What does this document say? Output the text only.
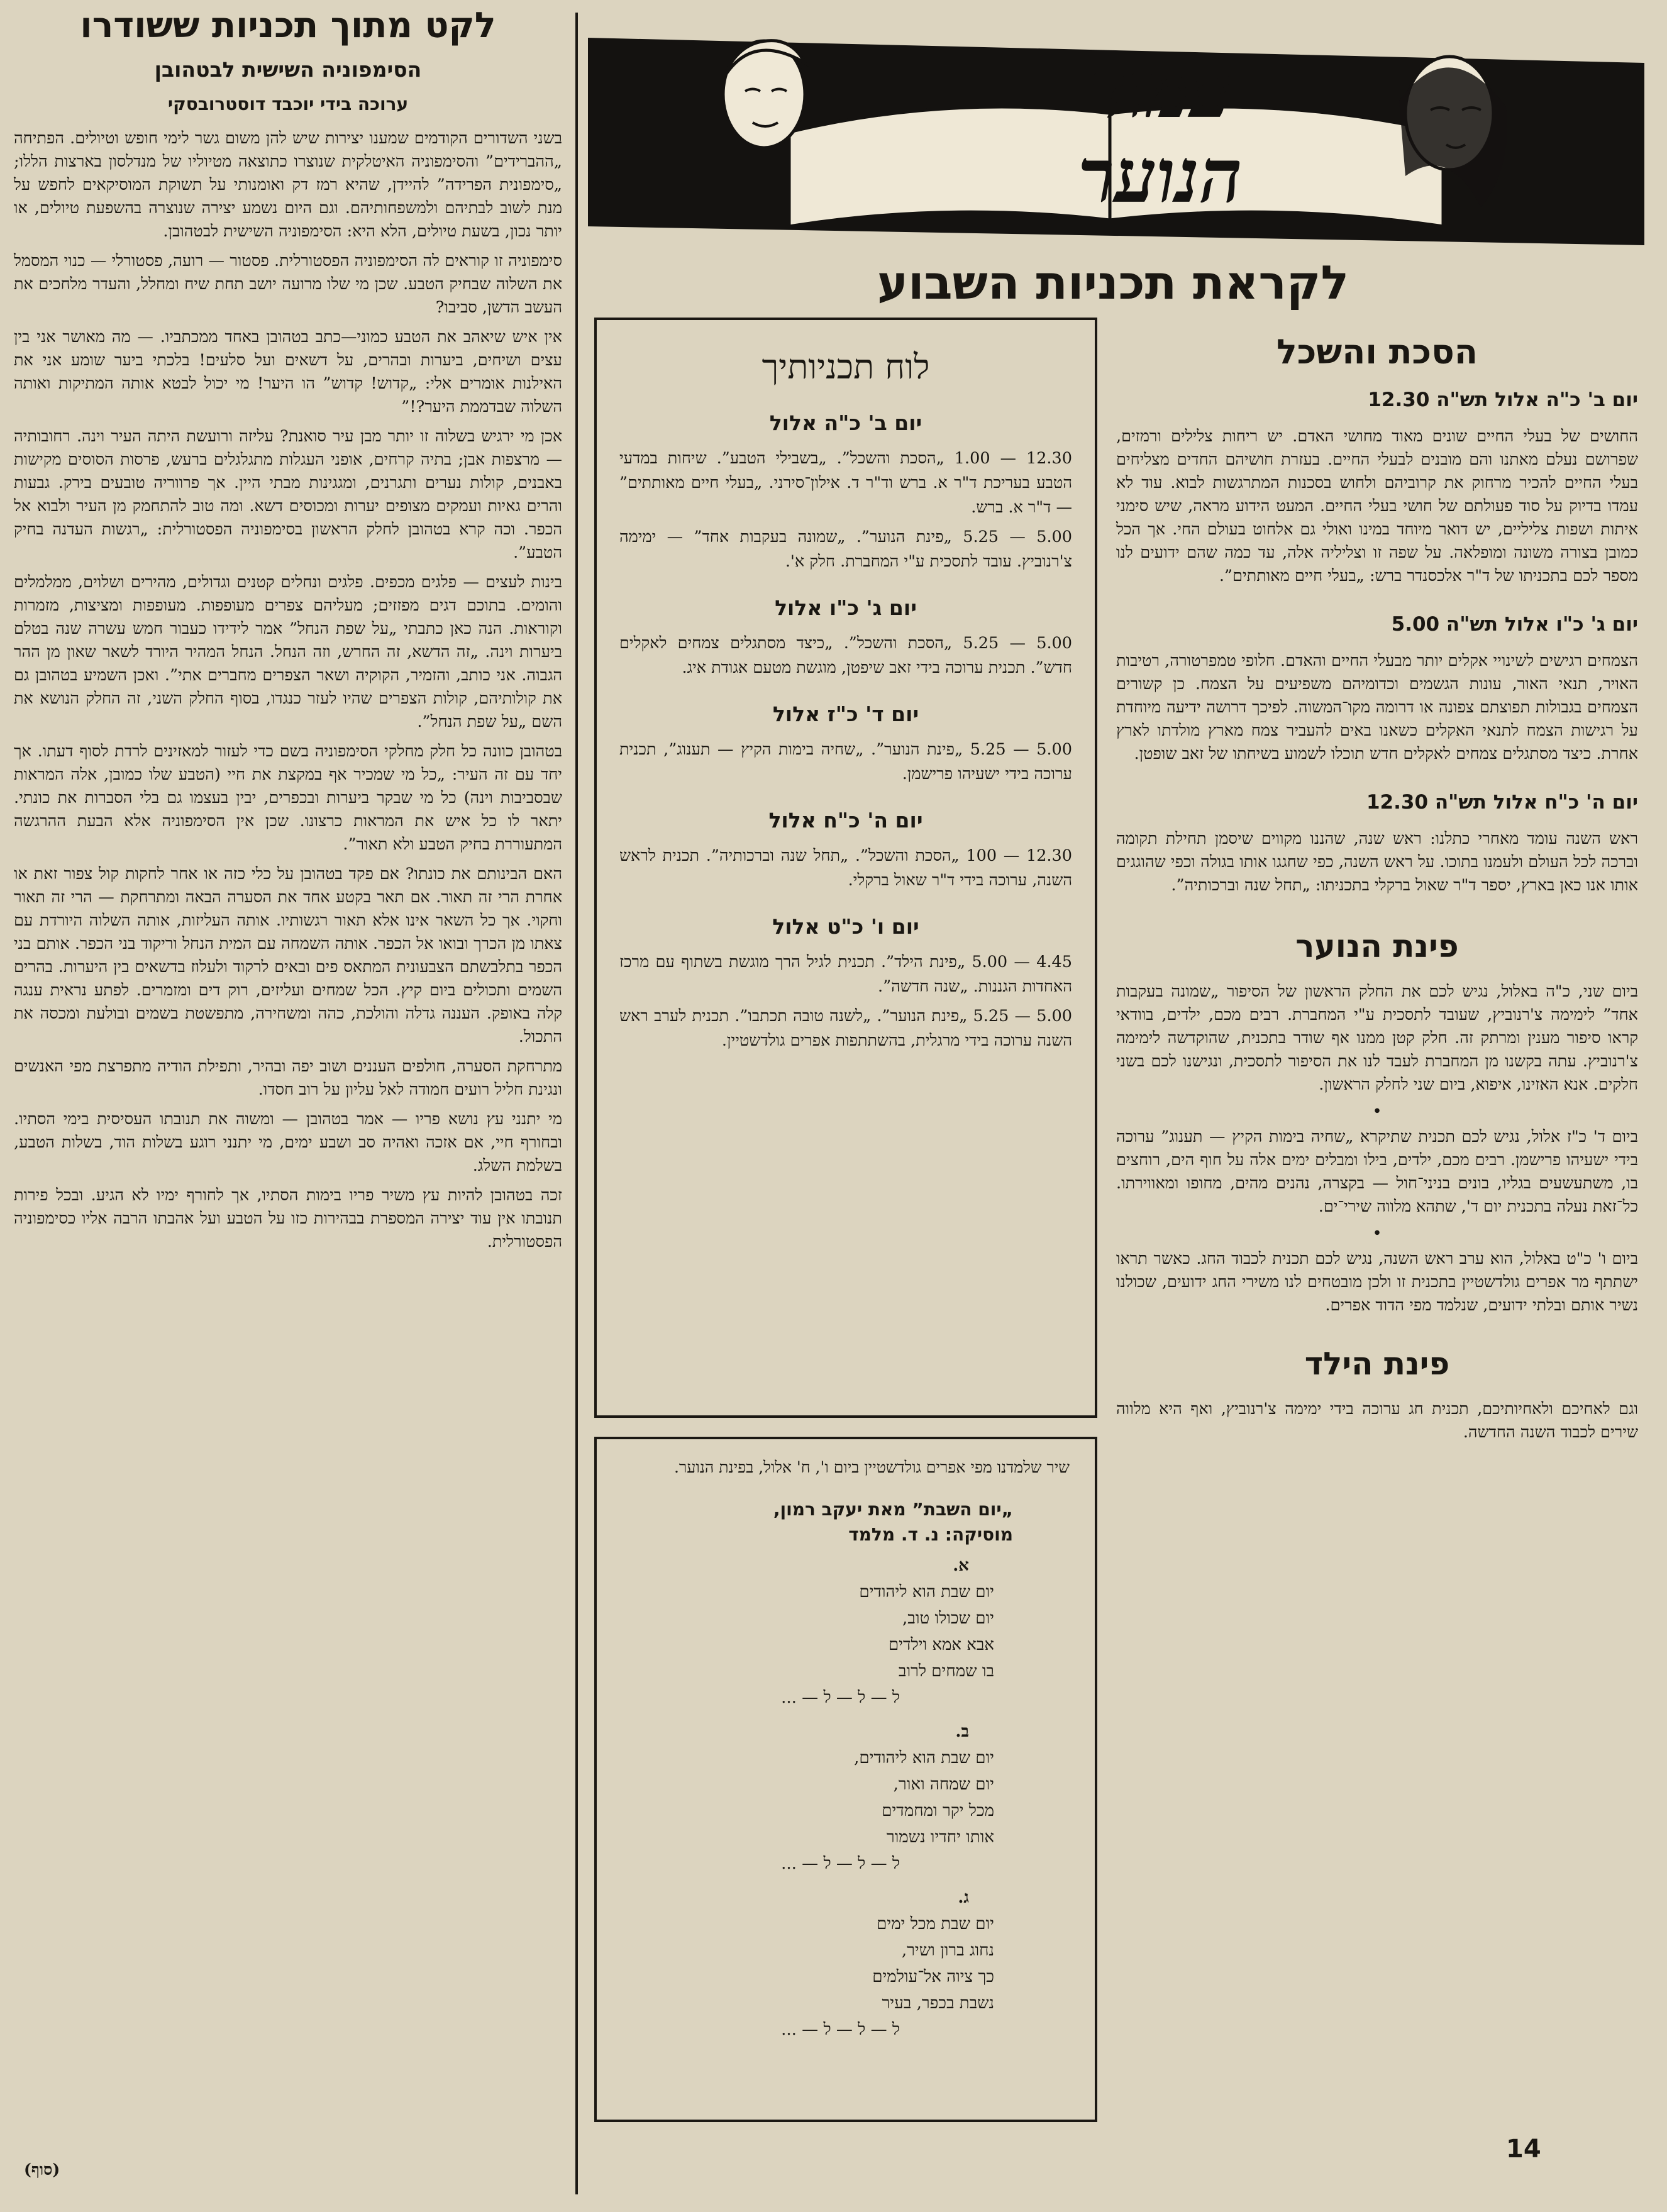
לקט מתוך תכניות ששודרו
הסימפוניה השישית לבטהובן
ערוכה בידי יוכבד דוסטרובסקי

בשני השדורים הקודמים שמענו יצירות שיש להן משום גשר לימי חופש וטיולים. הפתיחה „ההברידים” והסימפוניה האיטלקית שנוצרו כתוצאה מטיוליו של מנדלסון בארצות הללו; „סימפונית הפרידה” להיידן, שהיא רמז דק ואומנותי על תשוקת המוסיקאים לחפש על מנת לשוב לבתיהם ולמשפחותיהם. וגם היום נשמע יצירה שנוצרה בהשפעת טיולים, או יותר נכון, בשעת טיולים, הלא היא: הסימפוניה השישית לבטהובן.

סימפוניה זו קוראים לה הסימפוניה הפסטורלית. פסטור — רועה, פסטורלי — כנוי המסמל את השלוה שבחיק הטבע. שכן מי שלו מרועה יושב תחת שיח ומחלל, והעדר מלחכים את העשב הדשן, סביבו?

אין איש שיאהב את הטבע כמוני—כתב בטהובן באחד ממכתביו. — מה מאושר אני בין עצים ושיחים, ביערות ובהרים, על דשאים ועל סלעים! בלכתי ביער שומע אני את האילנות אומרים אלי: „קדוש! קדוש” הו היער! מי יכול לבטא אותה המתיקות ואותה השלוה שבדממת היער?!”

אכן מי ירגיש בשלוה זו יותר מבן עיר סואנת? עליזה ורועשת היתה העיר וינה. רחובותיה — מרצפות אבן; בתיה קרחים, אופני העגלות מתגלגלים ברעש, פרסות הסוסים מקישות באבנים, קולות נערים ותגרנים, ומגגינות מבתי היין. אך פרווריה טובעים בירק. גבעות והרים גאיות ועמקים מצופים יערות ומכוסים דשא. ומה טוב להתחמק מן העיר ולבוא אל הכפר. וכה קרא בטהובן לחלק הראשון בסימפוניה הפסטורלית: „רגשות העדנה בחיק הטבע”.

בינות לעצים — פלגים מכפים. פלגים ונחלים קטנים וגדולים, מהירים ושלוים, ממלמלים והומים. בתוכם דגים מפזזים; מעליהם צפרים מעופפות. מעופפות ומציצות, מזמרות וקוראות. הנה כאן כתבתי „על שפת הנחל” אמר לידידו כעבור חמש עשרה שנה בטלם ביערות וינה. „זה הדשא, זה החרש, וזה הנחל. הנחל המהיר היורד לשאר שאון מן ההר הגבוה. אני כותב, והזמיר, הקוקיה ושאר הצפרים מחברים אתי”. ואכן השמיע בטהובן גם את קולותיהם, קולות הצפרים שהיו לעזר כנגדו, בסוף החלק השני, זה החלק הנושא את השם „על שפת הנחל”.

בטהובן כוונה כל חלק מחלקי הסימפוניה בשם כדי לעזור למאזינים לרדת לסוף דעתו. אך יחד עם זה העיר: „כל מי שמכיר אף במקצת את חיי (הטבע שלו כמובן, אלה המראות שבסביבות וינה) כל מי שבקר ביערות ובכפרים, יבין בעצמו גם בלי הסברות את כונתי. יתאר לו כל איש את המראות כרצונו. שכן אין הסימפוניה אלא הבעת ההרגשה המתעוררת בחיק הטבע ולא תאור”.

האם הבינותם את כונתו? אם פקד בטהובן על כלי כזה או אחר לחקות קול צפור זאת או אחרת הרי זה תאור. אם תאר בקטע אחד את הסערה הבאה ומתרחקת — הרי זה תאור וחקוי. אך כל השאר אינו אלא תאור רגשותיו. אותה העליזות, אותה השלוה היורדת עם צאתו מן הכרך ובואו אל הכפר. אותה השמחה עם המית הנחל וריקוד בני הכפר. אותם בני הכפר בתלבשתם הצבעונית המתאס פים ובאים לרקוד ולעלוז בדשאים בין היערות. בהרים השמים ותכולים ביום קיץ. הכל שמחים ועליזים, רוק דים ומזמרים. לפתע נראית ענגה קלה באופק. העננה גדלה והולכת, כהה ומשחירה, מתפשטת בשמים ובולעת ומכסה את התכול.

מתרחקת הסערה, חולפים העננים ושוב יפה ובהיר, ותפילת הודיה מתפרצת מפי האנשים ונגינת חליל רועים חמודה לאל עליון על רוב חסדו.

מי יתנני עץ נושא פריו — אמר בטהובן — ומשוה את תנובתו העסיסית בימי הסתיו. ובחורף חיי, אם אזכה ואהיה סב ושבע ימים, מי יתנני רוגע בשלות הוד, בשלות הטבע, בשלמת השלג.

זכה בטהובן להיות עץ משיר פריו בימות הסתיו, אך לחורף ימיו לא הגיע. ובכל פירות תנובתו אין עוד יצירה המספרת בבהירות כזו על הטבע ועל אהבתו הרבה אליו כסימפוניה הפסטורלית.

(סוף)
עמוד
הנוער
לקראת תכניות השבוע
לוח תכניותיך
יום ב' כ"ה אלול

12.30 — 1.00 „הסכת והשכל”. „בשבילי הטבע”. שיחות במדעי הטבע בעריכת ד"ר א. ברש וד"ר ד. אילון־סירני. „בעלי חיים מאותתים” — ד"ר א. ברש.

5.00 — 5.25 „פינת הנוער”. „שמונה בעקבות אחד” — ימימה צ'רנוביץ. עובד לתסכית ע"י המחברת. חלק א'.

יום ג' כ"ו אלול

5.00 — 5.25 „הסכת והשכל”. „כיצד מסתגלים צמחים לאקלים חדש”. תכנית ערוכה בידי זאב שיפטן, מוגשת מטעם אגודת איג.

יום ד' כ"ז אלול

5.00 — 5.25 „פינת הנוער”. „שחיה בימות הקיץ — תענוג”, תכנית ערוכה בידי ישעיהו פרישמן.

יום ה' כ"ח אלול

12.30 — 100 „הסכת והשכל”. „תחל שנה וברכותיה”. תכנית לראש השנה, ערוכה בידי ד"ר שאול ברקלי.

יום ו' כ"ט אלול

4.45 — 5.00 „פינת הילד”. תכנית לגיל הרך מוגשת בשתוף עם מרכז האחדות הגננות. „שנה חדשה”.

5.00 — 5.25 „פינת הנוער”. „לשנה טובה תכתבו”. תכנית לערב ראש השנה ערוכה בידי מרגלית, בהשתתפות אפרים גולדשטיין.

שיר שלמדנו מפי אפרים גולדשטיין ביום ו', ח' אלול, בפינת הנוער.
„יום השבת” מאת יעקב רמון,
מוסיקה: נ. ד. מלמד
א.
יום שבת הוא ליהודים
יום שכולו טוב,
אבא אמא וילדים
בו שמחים לרוב
ל — ל — ל — ...
ב.
יום שבת הוא ליהודים,
יום שמחה ואור,
מכל יקר ומחמדים
אותו יחדיו נשמור
ל — ל — ל — ...
ג.
יום שבת מכל ימים
נחוג ברון ושיר,
כך ציוה אל־עולמים
נשבת בכפר, בעיר
ל — ל — ל — ...
הסכת והשכל
יום ב' כ"ה אלול תש"ה 12.30

החושים של בעלי החיים שונים מאוד מחושי האדם. יש ריחות צלילים ורמזים, שפרושם נעלם מאתנו והם מובנים לבעלי החיים. בעזרת חושיהם החדים מצליחים בעלי החיים להכיר מרחוק את קרוביהם ולחוש בסכנות המתרגשות לבוא. עוד לא עמדו בדיוק על סוד פעולתם של חושי בעלי החיים. המעט הידוע מראה, שיש סימני איתות ושפות צליליים, יש דואר מיוחד במינו ואולי גם אלחוט בעולם החי. אך הכל כמובן בצורה משונה ומופלאה. על שפה זו וצליליה אלה, עד כמה שהם ידועים לנו מספר לכם בתכניתו של ד"ר אלכסנדר ברש: „בעלי חיים מאותתים”.

יום ג' כ"ו אלול תש"ה 5.00

הצמחים רגישים לשינויי אקלים יותר מבעלי החיים והאדם. חלופי טמפרטורה, רטיבות האויר, תנאי האור, עונות הגשמים וכדומיהם משפיעים על הצמח. כן קשורים הצמחים בגבולות תפוצתם צפונה או דרומה מקו־המשוה. לפיכך דרושה ידיעה מיוחדת על רגישות הצמח לתנאי האקלים כשאנו באים להעביר צמח מארץ מולדתו לארץ אחרת. כיצד מסתגלים צמחים לאקלים חדש תוכלו לשמוע בשיחתו של זאב שופטן.

יום ה' כ"ח אלול תש"ה 12.30

ראש השנה עומד מאחרי כתלנו: ראש שנה, שהננו מקווים שיסמן תחילת תקומה וברכה לכל העולם ולעמנו בתוכו. על ראש השנה, כפי שחגגו אותו בגולה וכפי שהוגגים אותו אנו כאן בארץ, יספר ד"ר שאול ברקלי בתכניתו: „תחל שנה וברכותיה”.

פינת הנוער

ביום שני, כ"ה באלול, נגיש לכם את החלק הראשון של הסיפור „שמונה בעקבות אחד” לימימה צ'רנוביץ, שעובד לתסכית ע"י המחברת. רבים מכם, ילדים, בוודאי קראו סיפור מענין ומרתק זה. חלק קטן ממנו אף שודר בתכנית, שהוקדשה לימימה צ'רנוביץ. עתה בקשנו מן המחברת לעבד לנו את הסיפור לתסכית, ונגישנו לכם בשני חלקים. אנא האזינו, איפוא, ביום שני לחלק הראשון.

•

ביום ד' כ"ז אלול, נגיש לכם תכנית שתיקרא „שחיה בימות הקיץ — תענוג” ערוכה בידי ישעיהו פרישמן. רבים מכם, ילדים, בילו ומבלים ימים אלה על חוף הים, רוחצים בו, משתעשעים בגליו, בונים בניני־חול — בקצרה, נהנים מהים, מחופו ומאווירתו. כל־זאת נעלה בתכנית יום ד', שתהא מלווה שירי־ים.

•

ביום ו' כ"ט באלול, הוא ערב ראש השנה, נגיש לכם תכנית לכבוד החג. כאשר תראו ישתתף מר אפרים גולדשטיין בתכנית זו ולכן מובטחים לנו משירי החג ידועים, שכולנו נשיר אותם ובלתי ידועים, שנלמד מפי הדוד אפרים.

פינת הילד

וגם לאחיכם ולאחיותיכם, תכנית חג ערוכה בידי ימימה צ'רנוביץ, ואף היא מלווה שירים לכבוד השנה החדשה.

14
